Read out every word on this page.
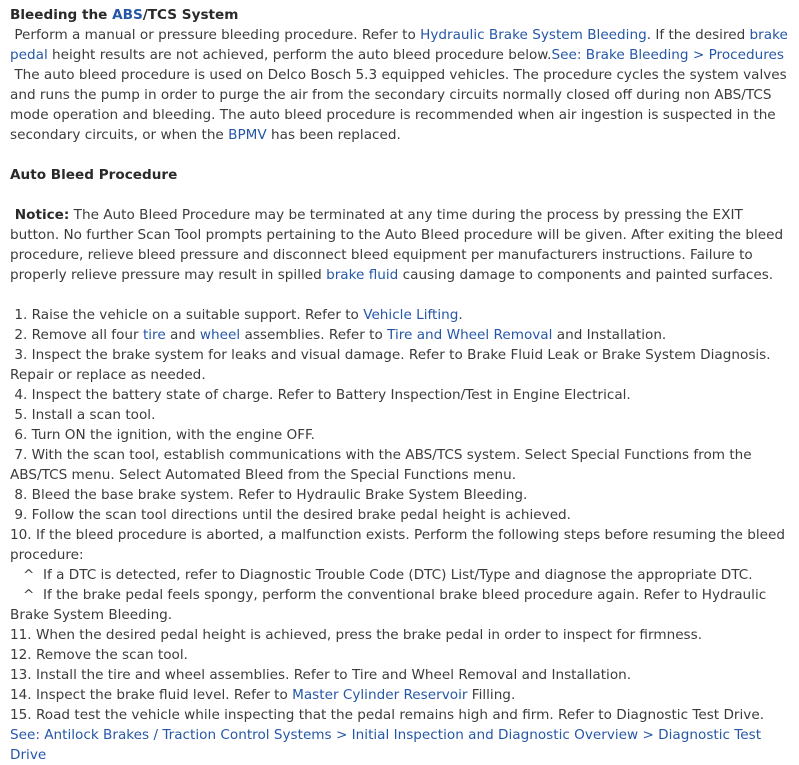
Bleeding the ABS/TCS System

Perform a manual or pressure bleeding procedure. Refer to Hydraulic Brake System Bleeding. If the desired brake pedal height results are not achieved, perform the auto bleed procedure below.See: Brake Bleeding > Procedures

The auto bleed procedure is used on Delco Bosch 5.3 equipped vehicles. The procedure cycles the system valves and runs the pump in order to purge the air from the secondary circuits normally closed off during non ABS/TCS mode operation and bleeding. The auto bleed procedure is recommended when air ingestion is suspected in the secondary circuits, or when the BPMV has been replaced.

Auto Bleed Procedure

Notice: The Auto Bleed Procedure may be terminated at any time during the process by pressing the EXIT button. No further Scan Tool prompts pertaining to the Auto Bleed procedure will be given. After exiting the bleed procedure, relieve bleed pressure and disconnect bleed equipment per manufacturers instructions. Failure to properly relieve pressure may result in spilled brake fluid causing damage to components and painted surfaces.

1. Raise the vehicle on a suitable support. Refer to Vehicle Lifting.

2. Remove all four tire and wheel assemblies. Refer to Tire and Wheel Removal and Installation.

3. Inspect the brake system for leaks and visual damage. Refer to Brake Fluid Leak or Brake System Diagnosis. Repair or replace as needed.

4. Inspect the battery state of charge. Refer to Battery Inspection/Test in Engine Electrical.

5. Install a scan tool.

6. Turn ON the ignition, with the engine OFF.

7. With the scan tool, establish communications with the ABS/TCS system. Select Special Functions from the ABS/TCS menu. Select Automated Bleed from the Special Functions menu.

8. Bleed the base brake system. Refer to Hydraulic Brake System Bleeding.

9. Follow the scan tool directions until the desired brake pedal height is achieved.

10. If the bleed procedure is aborted, a malfunction exists. Perform the following steps before resuming the bleed procedure:

^  If a DTC is detected, refer to Diagnostic Trouble Code (DTC) List/Type and diagnose the appropriate DTC.

^  If the brake pedal feels spongy, perform the conventional brake bleed procedure again. Refer to Hydraulic Brake System Bleeding.

11. When the desired pedal height is achieved, press the brake pedal in order to inspect for firmness.

12. Remove the scan tool.

13. Install the tire and wheel assemblies. Refer to Tire and Wheel Removal and Installation.

14. Inspect the brake fluid level. Refer to Master Cylinder Reservoir Filling.

15. Road test the vehicle while inspecting that the pedal remains high and firm. Refer to Diagnostic Test Drive. See: Antilock Brakes / Traction Control Systems > Initial Inspection and Diagnostic Overview > Diagnostic Test Drive
